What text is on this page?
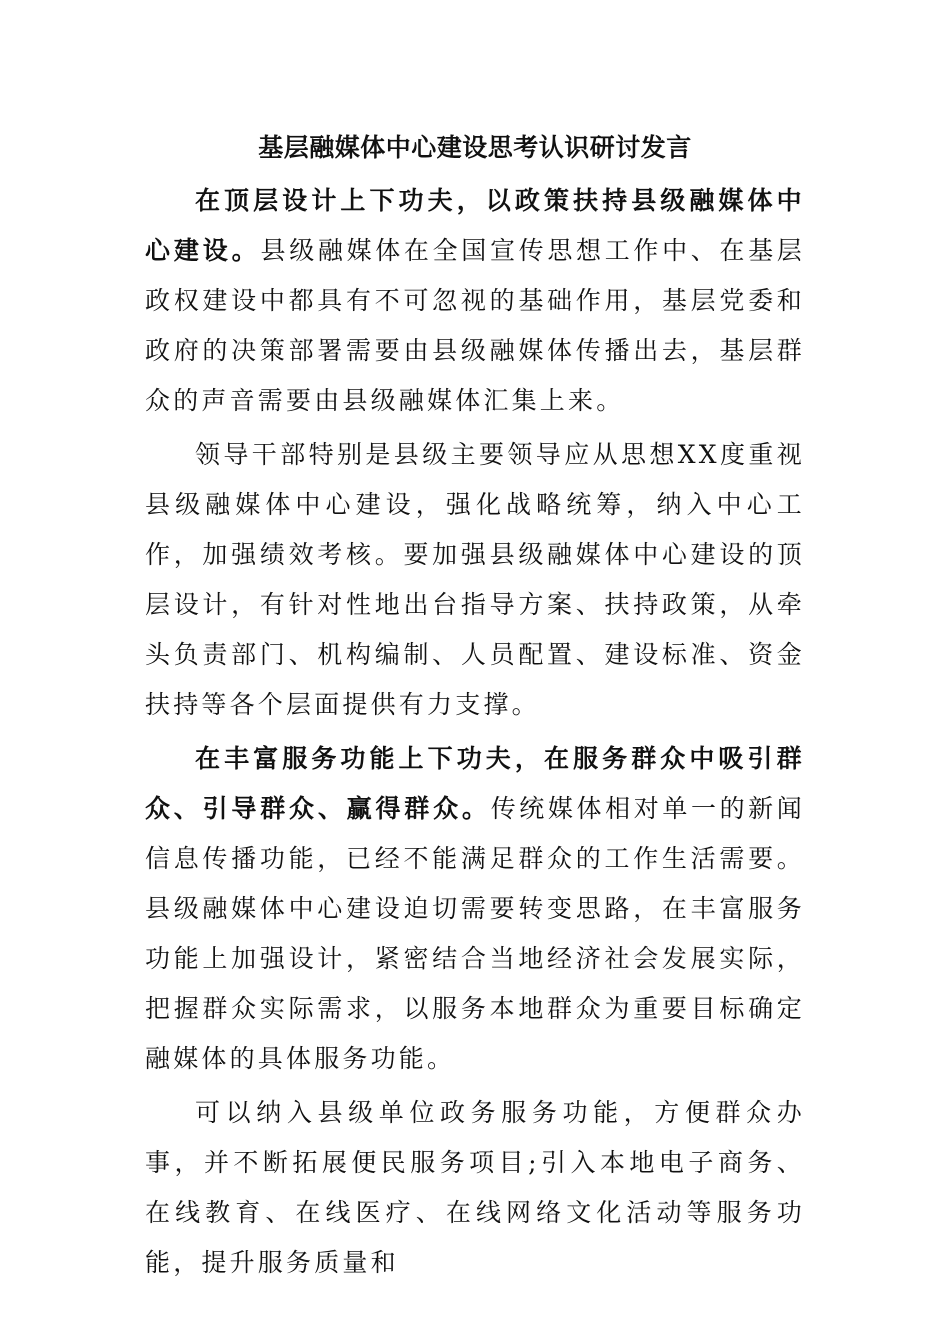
基层融媒体中心建设思考认识研讨发言

在顶层设计上下功夫，以政策扶持县级融媒体中心建设。县级融媒体在全国宣传思想工作中、在基层政权建设中都具有不可忽视的基础作用，基层党委和政府的决策部署需要由县级融媒体传播出去，基层群众的声音需要由县级融媒体汇集上来。

领导干部特别是县级主要领导应从思想XX度重视县级融媒体中心建设，强化战略统筹，纳入中心工作，加强绩效考核。要加强县级融媒体中心建设的顶层设计，有针对性地出台指导方案、扶持政策，从牵头负责部门、机构编制、人员配置、建设标准、资金扶持等各个层面提供有力支撑。

在丰富服务功能上下功夫，在服务群众中吸引群众、引导群众、赢得群众。传统媒体相对单一的新闻信息传播功能，已经不能满足群众的工作生活需要。县级融媒体中心建设迫切需要转变思路，在丰富服务功能上加强设计，紧密结合当地经济社会发展实际，把握群众实际需求，以服务本地群众为重要目标确定融媒体的具体服务功能。

可以纳入县级单位政务服务功能，方便群众办事，并不断拓展便民服务项目;引入本地电子商务、在线教育、在线医疗、在线网络文化活动等服务功能，提升服务质量和
